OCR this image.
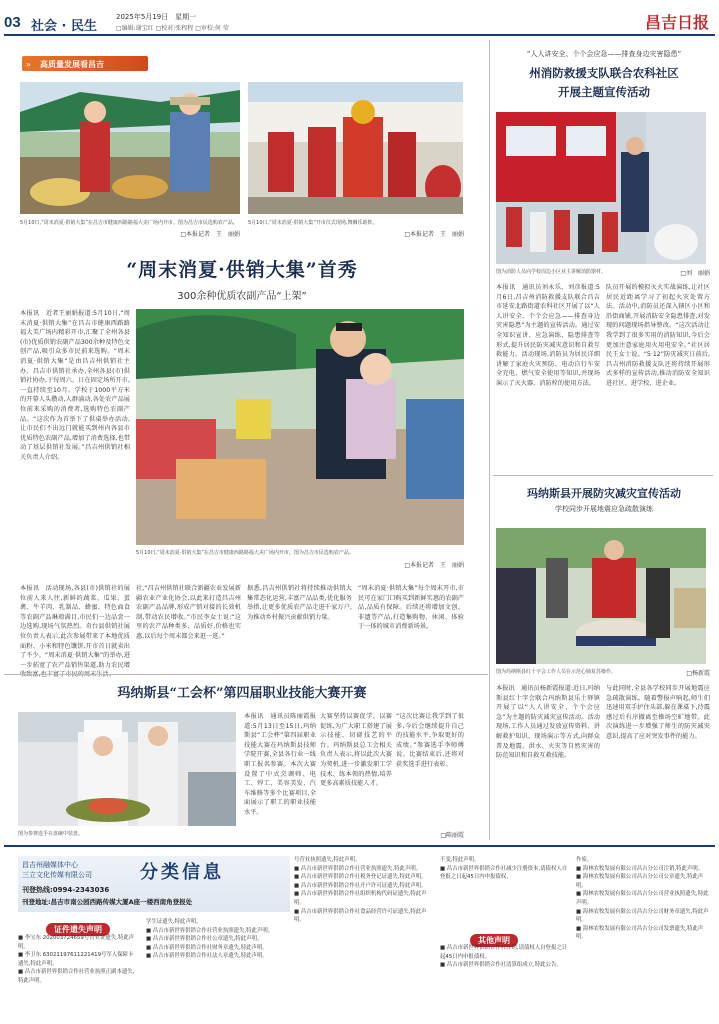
03 社会 · 民生
2025年5月19日　星期一
□编辑:谢宝红 □校对:张程程 □审校:何 莹	昌吉日报
» 高质量发展看昌吉
5月10日,“周末消夏·供销大集”在昌吉市健康西路路福大美广场内开市。图为昌吉市民选购农产品。
□本报记者　王　丽娟
5月10日,“周末消夏·供销大集”开市仪式现场,舞狮乐助阵。
□本报记者　王　丽娟
“周末消夏·供销大集”首秀
300余种优质农副产品“上架”
本报讯　近者王丽娟报道:5月10日,“周末消夏·供销大集”在昌吉市健康西路路福大美广场内精彩开市,汇聚了全州各县(市)优质供销农副产品300余种及特色文创产品,吸引众多市民前来选购。“周末消夏·供销大集”是由昌吉州供销社主办、昌吉市供销社承办,全州各县(市)供销社协办,于每周六、日在固定场所开市,一直持续至10月。学校于1000平方米的开幕人头攒动,人群涌动,各处农产品展位前来采购的消费者,选购特色农副产品。“这次作为首举下了供桌举办活动,让市民们不出远门就能买到州内各县市优质特色农副产品,增加了消费选择,也带动了基层供销社发展。”昌吉州供销社相关负责人介绍。
5月10日,“周末消夏·供销大集”在昌吉市健康西路路福大美广场内开市。图为昌吉市民选购农产品。
□本报记者　王　丽娟
本报讯　活动现场,各县(市)供销社的展位前人来人往,新鲜的蔬菜、瓜果、蛋禽、牛羊肉、乳制品、蜂蜜、特色面食等农副产品琳琅满目,市民们一边品尝一边选购,现场气氛热烈。奇台县供销社展位负责人表示,此次参展带来了本地优质面粉、小米和特色馕饼,开市首日就卖出了不少。“周末消夏·供销大集”的举办,进一步拓宽了农产品销售渠道,助力农民增
社,“昌吉州供销社联合新疆农业发展新疆农业产业化协会,以此来打造昌吉州农副产品品牌,形成产销对接的长效机制,带动农民增收。”市民李女士说:“这里的农产品种类多、品质好,价格也实惠,以后每个周末都会来逛一逛。”
据悉,昌吉州供销社将持续推动供销大集常态化运营,丰富产品品类,优化服务举措,让更多优质农产品走进千家万户,为推动乡村振兴贡献供销力量。
“周末消夏·供销大集”每个周末开市,市民可在家门口购买到新鲜实惠的农副产品,品质有保障。后续还将增加文创、非遗等产品,打造集购物、休闲、体验于一体的城市消费新场景。
玛纳斯县“工会杯”第四届职业技能大赛开赛
图为参赛选手在盘碗中装盘。	□陈丽霞
本报讯　通讯员陈丽霞报道:5月13日至15日,玛纳斯县“工会杯”第四届职业技能大赛在玛纳斯县技师学院开赛,全县各行业一线职工报名参赛。本次大赛设置了中式烹调师、电工、焊工、美容美发、汽车维修等多个比赛项目,全面展示了职工的职业技能水平。
大赛坚持以赛促学、以赛促练,为广大职工搭建了展示技能、切磋技艺的平台。玛纳斯县总工会相关负责人表示,将以此次大赛为契机,进一步激发职工学技术、练本领的热情,培养更多高素质技能人才。
“这次比赛让我学到了很多,今后会继续提升自己的技能水平,争取更好的成绩。”参赛选手李师傅说。比赛结束后,还将对获奖选手进行表彰。
“人人讲安全、个个会应急——排查身边灾害隐患”
州消防救援支队联合农科社区
开展主题宣传活动
图为消防人员向学校周边小区业主讲解消防器材。	□刘　丽娟
本报讯　通讯员刘永乐、刘彦报道:5月6日,昌吉州消防救援支队联合昌吉市延安北路街道农科社区开展了以“人人讲安全、个个会应急——排查身边灾害隐患”为主题的宣传活动。通过安全知识宣讲、应急演练、隐患排查等形式,提升居民防灾减灾意识和自救互救能力。活动现场,消防员为居民详细讲解了家庭火灾预防、电动自行车安全充电、燃气安全使用等知识,并现场演示了灭火器、消防栓的使用方法。
队员开展的模拟灭火实战演练,让社区居民近距离学习了初起火灾处置方法。活动中,消防员还深入辖区小区和沿街商铺,开展消防安全隐患排查,对发现的问题现场指导整改。“这次活动让我学到了很多实用的消防知识,今后会更加注意家庭用火用电安全。”社区居民王女士说。“5·12”防灾减灾日前后,昌吉州消防救援支队还将持续开展形式多样的宣传活动,推动消防安全知识进社区、进学校、进企业。
玛纳斯县开展防灾减灾宣传活动
学校同步开展地震应急疏散演练
图为玛纳斯县红十字会工作人员在示范心肺复苏操作。	□杨新霞
本报讯　通讯员杨新霞报道:近日,玛纳斯县红十字会联合玛纳斯县乐土驿镇开展了以“人人讲安全、个个会应急”为主题的防灾减灾宣传活动。活动现场,工作人员通过发放宣传资料、讲解救护知识、现场演示等方式,向群众普及地震、洪水、火灾等自然灾害的防范知识和自救互救技能。
与此同时,全县各学校同步开展地震应急疏散演练。随着警报声响起,师生们迅速用双手护住头部,躲在课桌下,待震感过后有序撤离至操场空旷地带。此次演练进一步增强了师生的防灾减灾意识,提高了应对突发事件的能力。
昌吉州融媒体中心
三立文化传媒有限公司	分类信息
刊登热线:0994-2343036
刊登地址:昌吉市南公园西路传媒大厦A座一楼西南角登报处
证件遗失声明
■ 李宝东 202003724659号营业证遗失,特此声明。
■ 李卫东 63021197611221419号军人保障卡遗失,特此声明。
■ 昌吉市新世界供销合作社营业执照正副本遗失,特此声明。
学生证遗失,特此声明。
■ 昌吉市新世界供销合作社营业执照遗失,特此声明。
■ 昌吉市新世界供销合作社公章遗失,特此声明。
■ 昌吉市新世界供销合作社财务章遗失,特此声明。
■ 昌吉市新世界供销合作社法人章遗失,特此声明。
号营业执照遗失,特此声明。
■ 昌吉市新世界供销合作社营业执照遗失,特此声明。
■ 昌吉市新世界供销合作社税务登记证遗失,特此声明。
■ 昌吉市新世界供销合作社开户许可证遗失,特此声明。
■ 昌吉市新世界供销合作社组织机构代码证遗失,特此声明。
■ 昌吉市新世界供销合作社食品经营许可证遗失,特此声明。
不变,特此声明。
■ 昌吉市新世界供销合作社减少注册资本,请债权人自登报之日起45日内申报债权。
其他声明
■ 昌吉市新世界供销合作社注销,请债权人自登报之日起45日内申报债权。
■ 昌吉市新世界供销合作社清算组成立,特此公告。
作废。
■ 海林农牧发展有限公司昌吉分公司注销,特此声明。
■ 海林农牧发展有限公司昌吉分公司公章遗失,特此声明。
■ 海林农牧发展有限公司昌吉分公司营业执照遗失,特此声明。
■ 海林农牧发展有限公司昌吉分公司财务章遗失,特此声明。
■ 海林农牧发展有限公司昌吉分公司发票遗失,特此声明。
